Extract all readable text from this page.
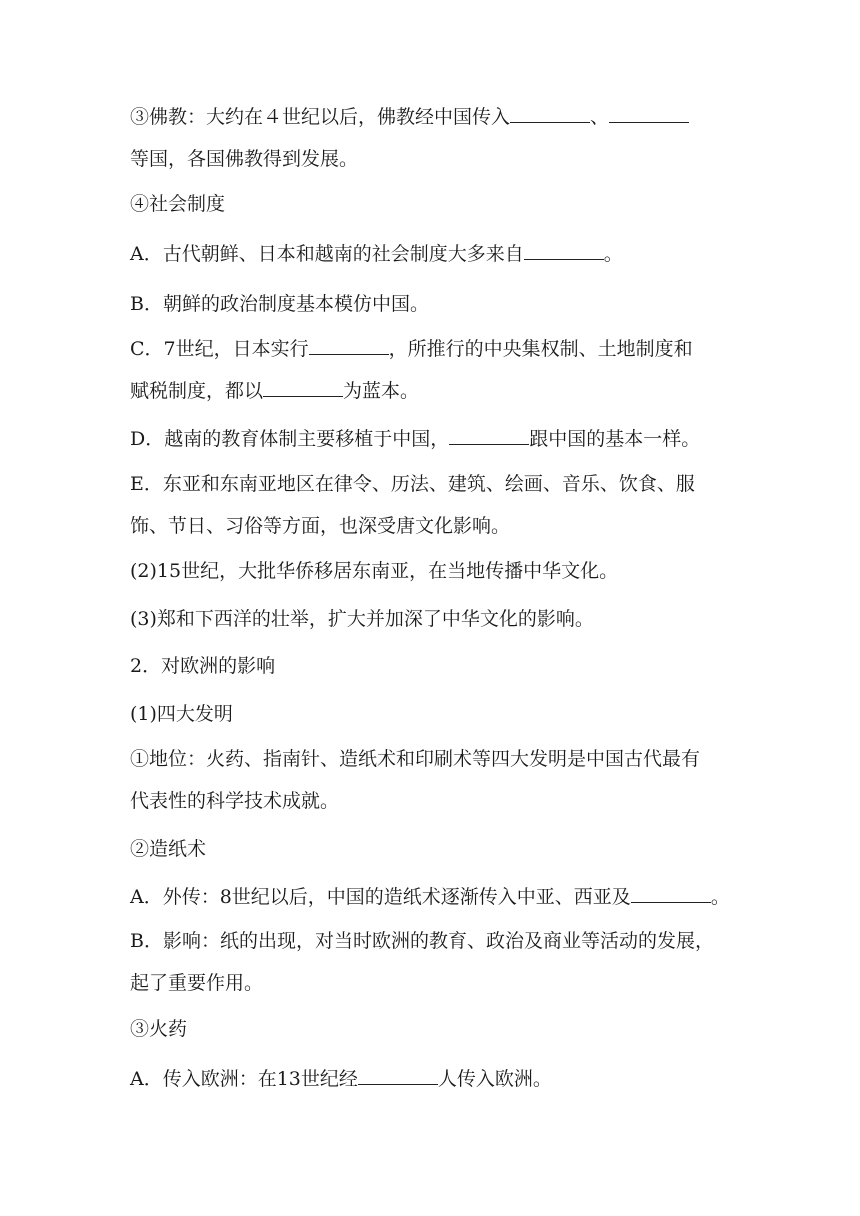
③佛教：大约在４世纪以后，佛教经中国传入	、
等国，各国佛教得到发展。

④社会制度

A．古代朝鲜、日本和越南的社会制度大多来自	。

B．朝鲜的政治制度基本模仿中国。

C．7世纪，日本实行	，所推行的中央集权制、土地制度和
赋税制度，都以	为蓝本。
D．越南的教育体制主要移植于中国，	跟中国的基本一样。
E．东亚和东南亚地区在律令、历法、建筑、绘画、音乐、饮食、服
饰、节日、习俗等方面，也深受唐文化影响。

(2)15世纪，大批华侨移居东南亚，在当地传播中华文化。

(3)郑和下西洋的壮举，扩大并加深了中华文化的影响。

2．对欧洲的影响

(1)四大发明

①地位：火药、指南针、造纸术和印刷术等四大发明是中国古代最有
代表性的科学技术成就。

②造纸术

A．外传：8世纪以后，中国的造纸术逐渐传入中亚、西亚及	。
B．影响：纸的出现，对当时欧洲的教育、政治及商业等活动的发展，
起了重要作用。

③火药

A．传入欧洲：在13世纪经	人传入欧洲。
